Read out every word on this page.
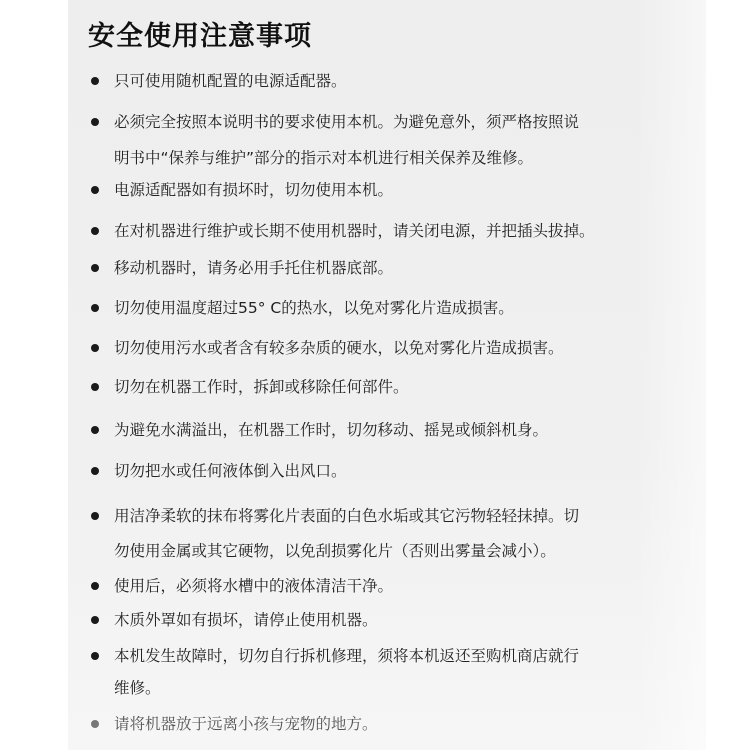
安全使用注意事项
只可使用随机配置的电源适配器。
必须完全按照本说明书的要求使用本机。为避免意外，须严格按照说
明书中“保养与维护”部分的指示对本机进行相关保养及维修。
电源适配器如有损坏时，切勿使用本机。
在对机器进行维护或长期不使用机器时，请关闭电源，并把插头拔掉。
移动机器时，请务必用手托住机器底部。
切勿使用温度超过55° C的热水，以免对雾化片造成损害。
切勿使用污水或者含有较多杂质的硬水，以免对雾化片造成损害。
切勿在机器工作时，拆卸或移除任何部件。
为避免水满溢出，在机器工作时，切勿移动、摇晃或倾斜机身。
切勿把水或任何液体倒入出风口。
用洁净柔软的抹布将雾化片表面的白色水垢或其它污物轻轻抹掉。切
勿使用金属或其它硬物，以免刮损雾化片（否则出雾量会减小）。
使用后，必须将水槽中的液体清洁干净。
木质外罩如有损坏，请停止使用机器。
本机发生故障时，切勿自行拆机修理，须将本机返还至购机商店就行
维修。
请将机器放于远离小孩与宠物的地方。
